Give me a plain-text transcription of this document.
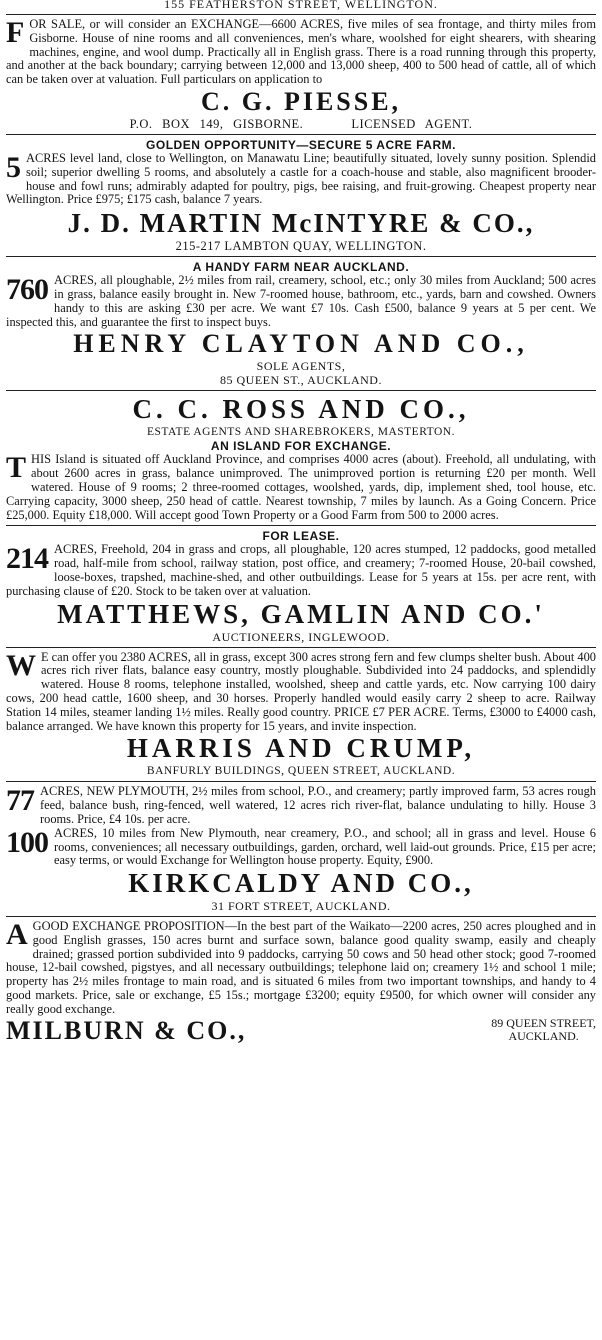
155 FEATHERSTON STREET, WELLINGTON.

FOR SALE, or will consider an EXCHANGE—6600 ACRES, five miles of sea frontage, and thirty miles from Gisborne. House of nine rooms and all conveniences, men's whare, woolshed for eight shearers, with shearing machines, engine, and wool dump. Practically all in English grass. There is a road running through this property, and another at the back boundary; carrying between 12,000 and 13,000 sheep, 400 to 500 head of cattle, all of which can be taken over at valuation. Full particulars on application to

C. G. PIESSE,
P.O. BOX 149, GISBORNE.	LICENSED AGENT.
GOLDEN OPPORTUNITY—SECURE 5 ACRE FARM.

5 ACRES level land, close to Wellington, on Manawatu Line; beautifully situated, lovely sunny position. Splendid soil; superior dwelling 5 rooms, and absolutely a castle for a coach-house and stable, also magnificent brooder-house and fowl runs; admirably adapted for poultry, pigs, bee raising, and fruit-growing. Cheapest property near Wellington. Price £975; £175 cash, balance 7 years.

J. D. MARTIN McINTYRE & CO.,
215-217 LAMBTON QUAY, WELLINGTON.
A HANDY FARM NEAR AUCKLAND.

760 ACRES, all ploughable, 2½ miles from rail, creamery, school, etc.; only 30 miles from Auckland; 500 acres in grass, balance easily brought in. New 7-roomed house, bathroom, etc., yards, barn and cowshed. Owners handy to this are asking £30 per acre. We want £7 10s. Cash £500, balance 9 years at 5 per cent. We inspected this, and guarantee the first to inspect buys.

HENRY CLAYTON AND CO.,
SOLE AGENTS,
85 QUEEN ST., AUCKLAND.
C. C. ROSS AND CO.,
ESTATE AGENTS AND SHAREBROKERS, MASTERTON.
AN ISLAND FOR EXCHANGE.

THIS Island is situated off Auckland Province, and comprises 4000 acres (about). Freehold, all undulating, with about 2600 acres in grass, balance unimproved. The unimproved portion is returning £20 per month. Well watered. House of 9 rooms; 2 three-roomed cottages, woolshed, yards, dip, implement shed, tool house, etc. Carrying capacity, 3000 sheep, 250 head of cattle. Nearest township, 7 miles by launch. As a Going Concern. Price £25,000. Equity £18,000. Will accept good Town Property or a Good Farm from 500 to 2000 acres.

FOR LEASE.

214 ACRES, Freehold, 204 in grass and crops, all ploughable, 120 acres stumped, 12 paddocks, good metalled road, half-mile from school, railway station, post office, and creamery; 7-roomed House, 20-bail cowshed, loose-boxes, trapshed, machine-shed, and other outbuildings. Lease for 5 years at 15s. per acre rent, with purchasing clause of £20. Stock to be taken over at valuation.

MATTHEWS, GAMLIN AND CO.'
AUCTIONEERS, INGLEWOOD.

W E can offer you 2380 ACRES, all in grass, except 300 acres strong fern and few clumps shelter bush. About 400 acres rich river flats, balance easy country, mostly ploughable. Subdivided into 24 paddocks, and splendidly watered. House 8 rooms, telephone installed, woolshed, sheep and cattle yards, etc. Now carrying 100 dairy cows, 200 head cattle, 1600 sheep, and 30 horses. Properly handled would easily carry 2 sheep to acre. Railway Station 14 miles, steamer landing 1½ miles. Really good country. PRICE £7 PER ACRE. Terms, £3000 to £4000 cash, balance arranged. We have known this property for 15 years, and invite inspection.

HARRIS AND CRUMP,
BANFURLY BUILDINGS, QUEEN STREET, AUCKLAND.

77 ACRES, NEW PLYMOUTH, 2½ miles from school, P.O., and creamery; partly improved farm, 53 acres rough feed, balance bush, ring-fenced, well watered, 12 acres rich river-flat, balance undulating to hilly. House 3 rooms. Price, £4 10s. per acre.

100 ACRES, 10 miles from New Plymouth, near creamery, P.O., and school; all in grass and level. House 6 rooms, conveniences; all necessary outbuildings, garden, orchard, well laid-out grounds. Price, £15 per acre; easy terms, or would Exchange for Wellington house property. Equity, £900.

KIRKCALDY AND CO.,
31 FORT STREET, AUCKLAND.

AGOOD EXCHANGE PROPOSITION—In the best part of the Waikato—2200 acres, 250 acres ploughed and in good English grasses, 150 acres burnt and surface sown, balance good quality swamp, easily and cheaply drained; grassed portion subdivided into 9 paddocks, carrying 50 cows and 50 head other stock; good 7-roomed house, 12-bail cowshed, pigstyes, and all necessary outbuildings; telephone laid on; creamery 1½ and school 1 mile; property has 2½ miles frontage to main road, and is situated 6 miles from two important townships, and handy to 4 good markets. Price, sale or exchange, £5 15s.; mortgage £3200; equity £9500, for which owner will consider any really good exchange.

MILBURN & CO.,	89 QUEEN STREET,
AUCKLAND.
